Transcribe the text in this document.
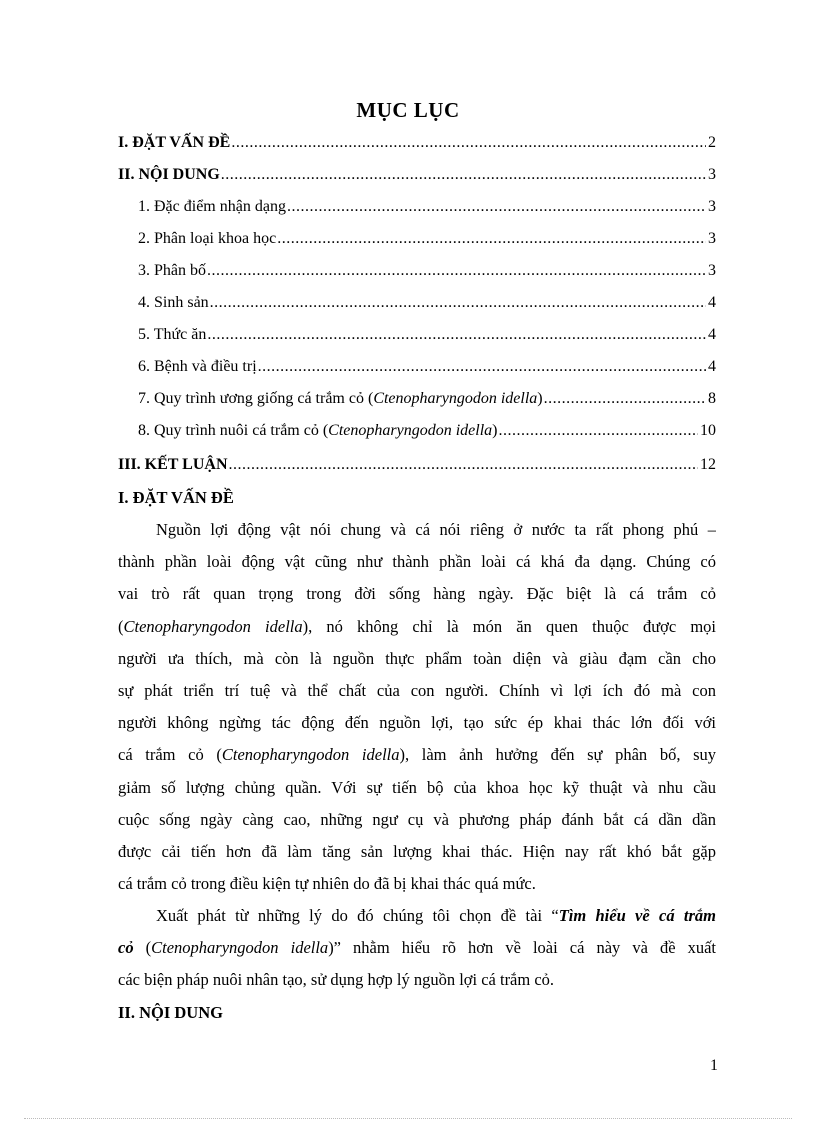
MỤC LỤC
I. ĐẶT VẤN ĐỀ .....	2
II. NỘI DUNG .....	3
1. Đặc điểm nhận dạng .....	3
2. Phân loại khoa học .....	3
3. Phân bố .....	3
4. Sinh sản .....	4
5. Thức ăn .....	4
6. Bệnh và điều trị .....	4
7. Quy trình ương giống cá trắm cỏ (Ctenopharyngodon idella) .....	8
8. Quy trình nuôi cá trắm cỏ (Ctenopharyngodon idella) .....	10
III. KẾT LUẬN .....	12
I. ĐẶT VẤN ĐỀ
Nguồn lợi động vật nói chung và cá nói riêng ở nước ta rất phong phú –
thành phần loài động vật cũng như thành phần loài cá khá đa dạng. Chúng có
vai trò rất quan trọng trong đời sống hàng ngày. Đặc biệt là cá trắm cỏ
(Ctenopharyngodon idella), nó không chỉ là món ăn quen thuộc được mọi
người ưa thích, mà còn là nguồn thực phẩm toàn diện và giàu đạm cần cho
sự phát triển trí tuệ và thể chất của con người. Chính vì lợi ích đó mà con
người không ngừng tác động đến nguồn lợi, tạo sức ép khai thác lớn đối với
cá trắm cỏ (Ctenopharyngodon idella), làm ảnh hưởng đến sự phân bố, suy
giảm số lượng chủng quần. Với sự tiến bộ của khoa học kỹ thuật và nhu cầu
cuộc sống ngày càng cao, những ngư cụ và phương pháp đánh bắt cá dần dần
được cải tiến hơn đã làm tăng sản lượng khai thác. Hiện nay rất khó bắt gặp
cá trắm cỏ trong điều kiện tự nhiên do đã bị khai thác quá mức.
Xuất phát từ những lý do đó chúng tôi chọn đề tài “Tìm hiểu về cá trắm
cỏ (Ctenopharyngodon idella)” nhằm hiểu rõ hơn về loài cá này và đề xuất
các biện pháp nuôi nhân tạo, sử dụng hợp lý nguồn lợi cá trắm cỏ.
II. NỘI DUNG
1
